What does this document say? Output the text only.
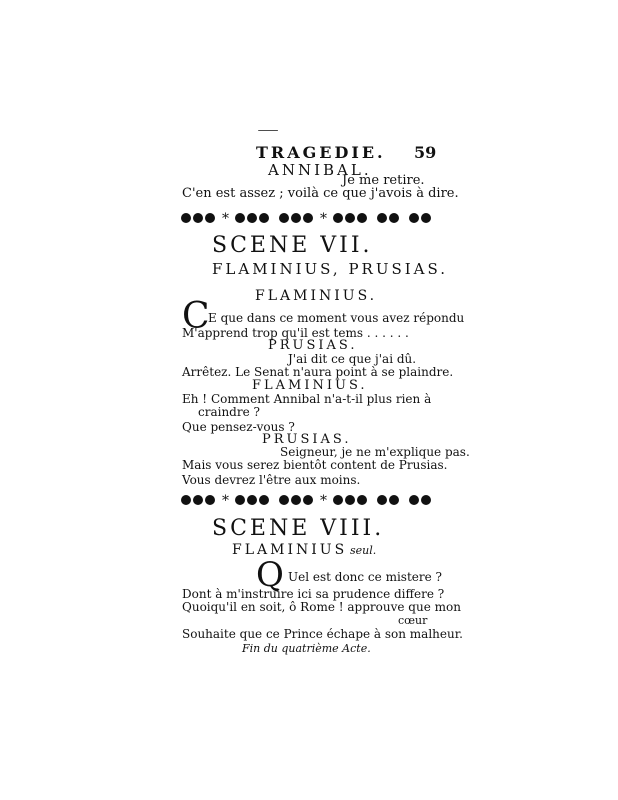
—
TRAGEDIE. 59
ANNIBAL.
Je me retire.
C'en est assez ; voilà ce que j'avois à dire.
*	*
SCENE VII.
FLAMINIUS, PRUSIAS.
FLAMINIUS.
C
E que dans ce moment vous avez répondu
M'apprend trop qu'il est tems . . . . . .
PRUSIAS.
J'ai dit ce que j'ai dû.
Arrêtez. Le Senat n'aura point à se plaindre.
FLAMINIUS.
Eh ! Comment Annibal n'a-t-il plus rien à
craindre ?
Que pensez-vous ?
PRUSIAS.
Seigneur, je ne m'explique pas.
Mais vous serez bientôt content de Prusias.
Vous devrez l'être aux moins.
*	*
SCENE VIII.
FLAMINIUS seul.
Q Uel est donc ce mistere ?
Dont à m'instruire ici sa prudence differe ?
Quoiqu'il en soit, ô Rome ! approuve que mon
cœur
Souhaite que ce Prince échape à son malheur.
Fin du quatrième Acte.
